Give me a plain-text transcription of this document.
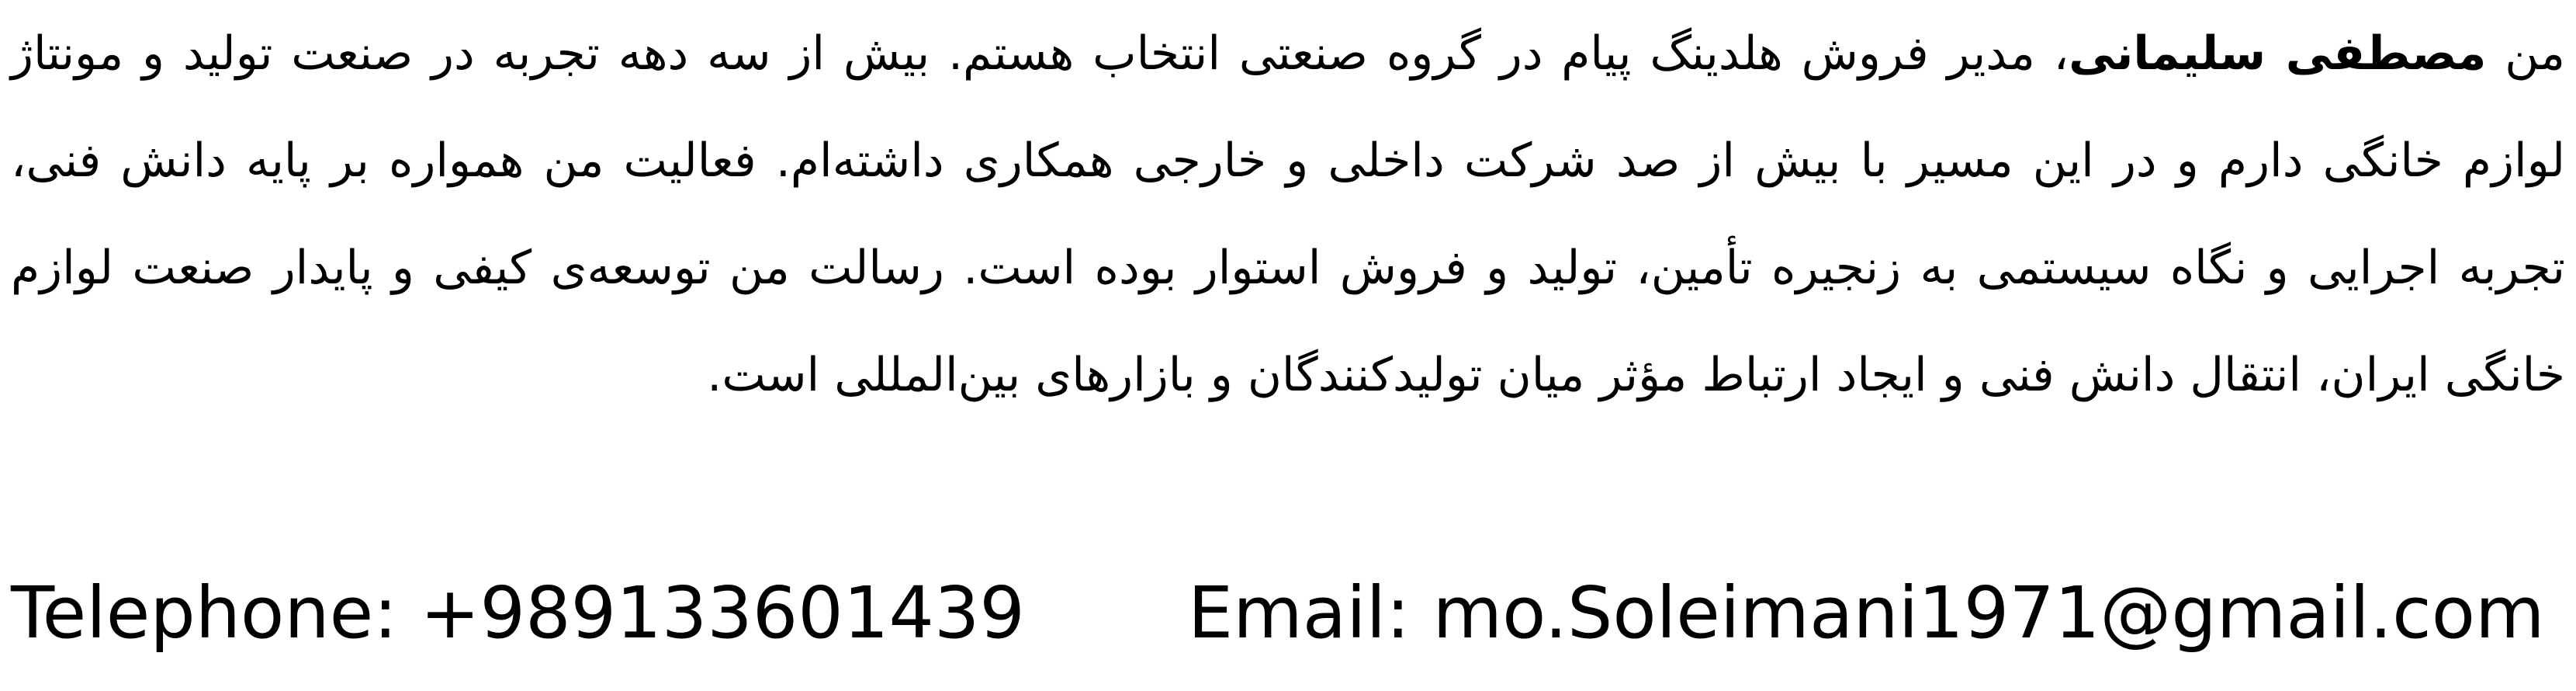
من مصطفی سلیمانی، مدیر فروش هلدینگ پیام در گروه صنعتی انتخاب هستم. بیش از سه دهه تجربه در صنعت تولید و مونتاژ لوازم خانگی دارم و در این مسیر با بیش از صد شرکت داخلی و خارجی همکاری داشته‌ام. فعالیت من همواره بر پایه دانش فنی، تجربه اجرایی و نگاه سیستمی به زنجیره تأمین، تولید و فروش استوار بوده است. رسالت من توسعه‌ی کیفی و پایدار صنعت لوازم خانگی ایران، انتقال دانش فنی و ایجاد ارتباط مؤثر میان تولیدکنندگان و بازارهای بین‌المللی است.

Telephone: +989133601439 Email: mo.Soleimani1971@gmail.com
